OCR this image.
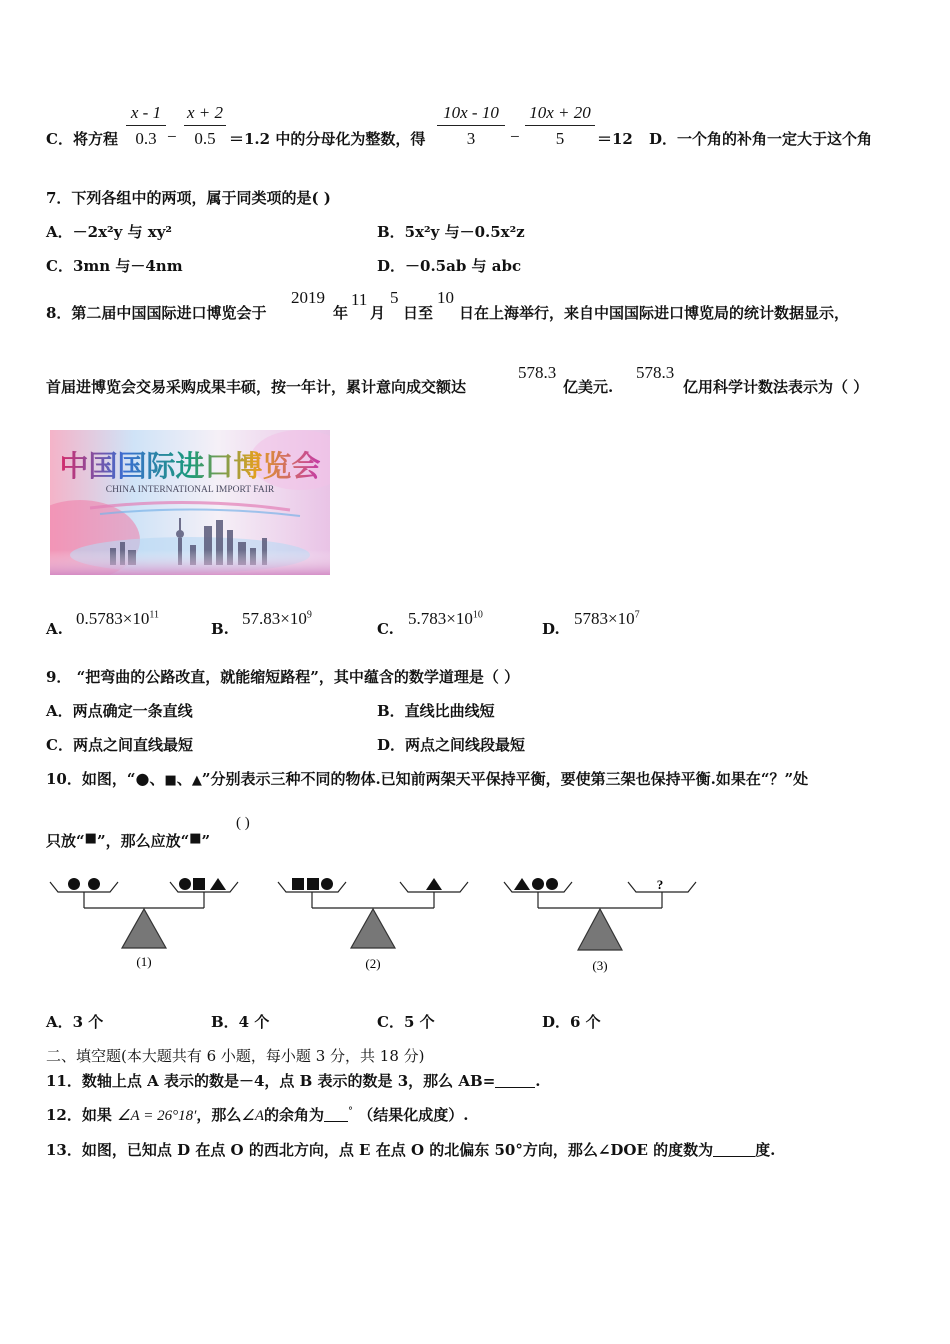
C．将方程 $\frac{x - 1}{0.3} - \frac{x + 2}{0.5} =1.2$ 中的分母化为整数，得 $\frac{10x - 10}{3} - \frac{10x + 20}{5} =12$ D．一个角的补角一定大于这个角
7．下列各组中的两项，属于同类项的是( )
A．－2x²y 与 xy²	B．5x²y 与－0.5x²z
C．3mn 与－4nm	D．－0.5ab 与 abc
8．第二届中国国际进口博览会于
2019
年
11
月
5
日至
10
日在上海举行，来自中国国际进口博览局的统计数据显示，
首届进博览会交易采购成果丰硕，按一年计，累计意向成交额达
578.3
亿美元.
578.3
亿用科学计数法表示为（ ）
中国国际进口博览会
CHINA INTERNATIONAL IMPORT FAIR
A.
$0.5783\times 10^{11}$
B.
$57.83\times 10^9$
C.
$5.783\times 10^{10}$
D.
$5783\times 10^7$
9． “把弯曲的公路改直，就能缩短路程”，其中蕴含的数学道理是（ ）
A．两点确定一条直线	B．直线比曲线短
C．两点之间直线最短	D．两点之间线段最短
10．如图，“●、■、▲”分别表示三种不同的物体.已知前两架天平保持平衡，要使第三架也保持平衡.如果在“？”处
只放“■”，那么应放“■”
( )
(1)	(2)
?
(3)
A．3 个	B．4 个	C．5 个	D．6 个
二、填空题(本大题共有 6 小题，每小题 3 分，共 18 分)
11．数轴上点 A 表示的数是－4，点 B 表示的数是 3，那么 AB=	.
12．如果 ∠A = 26°18′，那么∠A的余角为 ° （结果化成度）.
13．如图，已知点 D 在点 O 的西北方向，点 E 在点 O 的北偏东 50°方向，那么∠DOE 的度数为	度.
